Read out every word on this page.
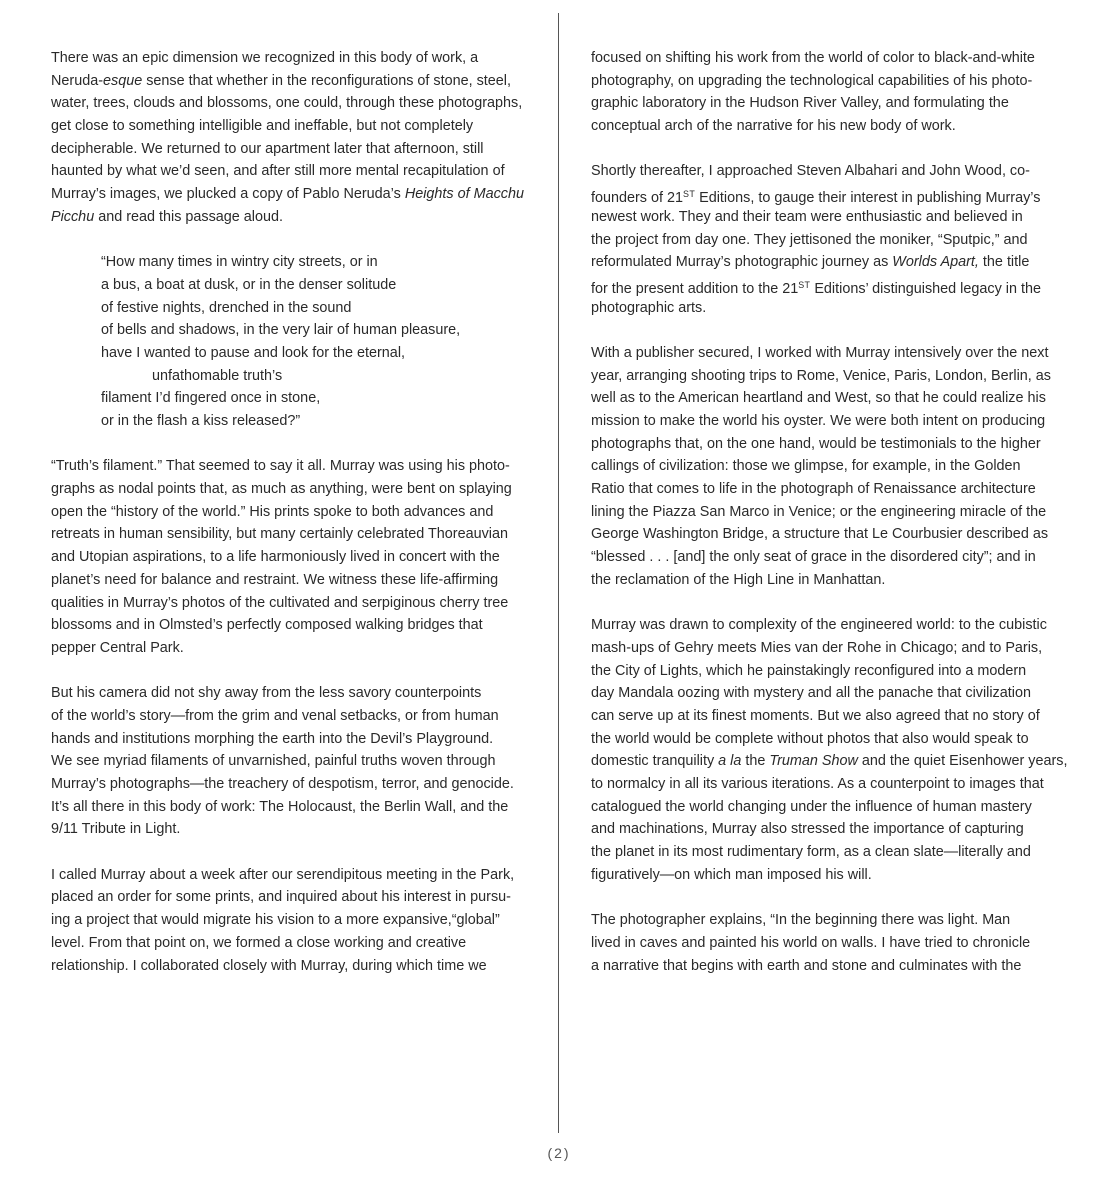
There was an epic dimension we recognized in this body of work, a
Neruda-esque sense that whether in the reconfigurations of stone, steel,
water, trees, clouds and blossoms, one could, through these photographs,
get close to something intelligible and ineffable, but not completely
decipherable. We returned to our apartment later that afternoon, still
haunted by what we’d seen, and after still more mental recapitulation of
Murray’s images, we plucked a copy of Pablo Neruda’s Heights of Macchu
Picchu and read this passage aloud.
“How many times in wintry city streets, or in
a bus, a boat at dusk, or in the denser solitude
of festive nights, drenched in the sound
of bells and shadows, in the very lair of human pleasure,
have I wanted to pause and look for the eternal,
unfathomable truth’s
filament I’d fingered once in stone,
or in the flash a kiss released?”
“Truth’s filament.” That seemed to say it all. Murray was using his photo-
graphs as nodal points that, as much as anything, were bent on splaying
open the “history of the world.” His prints spoke to both advances and
retreats in human sensibility, but many certainly celebrated Thoreauvian
and Utopian aspirations, to a life harmoniously lived in concert with the
planet’s need for balance and restraint. We witness these life-affirming
qualities in Murray’s photos of the cultivated and serpiginous cherry tree
blossoms and in Olmsted’s perfectly composed walking bridges that
pepper Central Park.
But his camera did not shy away from the less savory counterpoints
of the world’s story—from the grim and venal setbacks, or from human
hands and institutions morphing the earth into the Devil’s Playground.
We see myriad filaments of unvarnished, painful truths woven through
Murray’s photographs—the treachery of despotism, terror, and genocide.
It’s all there in this body of work: The Holocaust, the Berlin Wall, and the
9/11 Tribute in Light.
I called Murray about a week after our serendipitous meeting in the Park,
placed an order for some prints, and inquired about his interest in pursu-
ing a project that would migrate his vision to a more expansive,“global”
level. From that point on, we formed a close working and creative
relationship. I collaborated closely with Murray, during which time we
focused on shifting his work from the world of color to black-and-white
photography, on upgrading the technological capabilities of his photo-
graphic laboratory in the Hudson River Valley, and formulating the
conceptual arch of the narrative for his new body of work.
Shortly thereafter, I approached Steven Albahari and John Wood, co-
founders of 21ST Editions, to gauge their interest in publishing Murray’s
newest work. They and their team were enthusiastic and believed in
the project from day one. They jettisoned the moniker, “Sputpic,” and
reformulated Murray’s photographic journey as Worlds Apart, the title
for the present addition to the 21ST Editions’ distinguished legacy in the
photographic arts.
With a publisher secured, I worked with Murray intensively over the next
year, arranging shooting trips to Rome, Venice, Paris, London, Berlin, as
well as to the American heartland and West, so that he could realize his
mission to make the world his oyster. We were both intent on producing
photographs that, on the one hand, would be testimonials to the higher
callings of civilization: those we glimpse, for example, in the Golden
Ratio that comes to life in the photograph of Renaissance architecture
lining the Piazza San Marco in Venice; or the engineering miracle of the
George Washington Bridge, a structure that Le Courbusier described as
“blessed . . . [and] the only seat of grace in the disordered city”; and in
the reclamation of the High Line in Manhattan.
Murray was drawn to complexity of the engineered world: to the cubistic
mash-ups of Gehry meets Mies van der Rohe in Chicago; and to Paris,
the City of Lights, which he painstakingly reconfigured into a modern
day Mandala oozing with mystery and all the panache that civilization
can serve up at its finest moments. But we also agreed that no story of
the world would be complete without photos that also would speak to
domestic tranquility a la the Truman Show and the quiet Eisenhower years,
to normalcy in all its various iterations. As a counterpoint to images that
catalogued the world changing under the influence of human mastery
and machinations, Murray also stressed the importance of capturing
the planet in its most rudimentary form, as a clean slate—literally and
figuratively—on which man imposed his will.
The photographer explains, “In the beginning there was light. Man
lived in caves and painted his world on walls. I have tried to chronicle
a narrative that begins with earth and stone and culminates with the
(2)
